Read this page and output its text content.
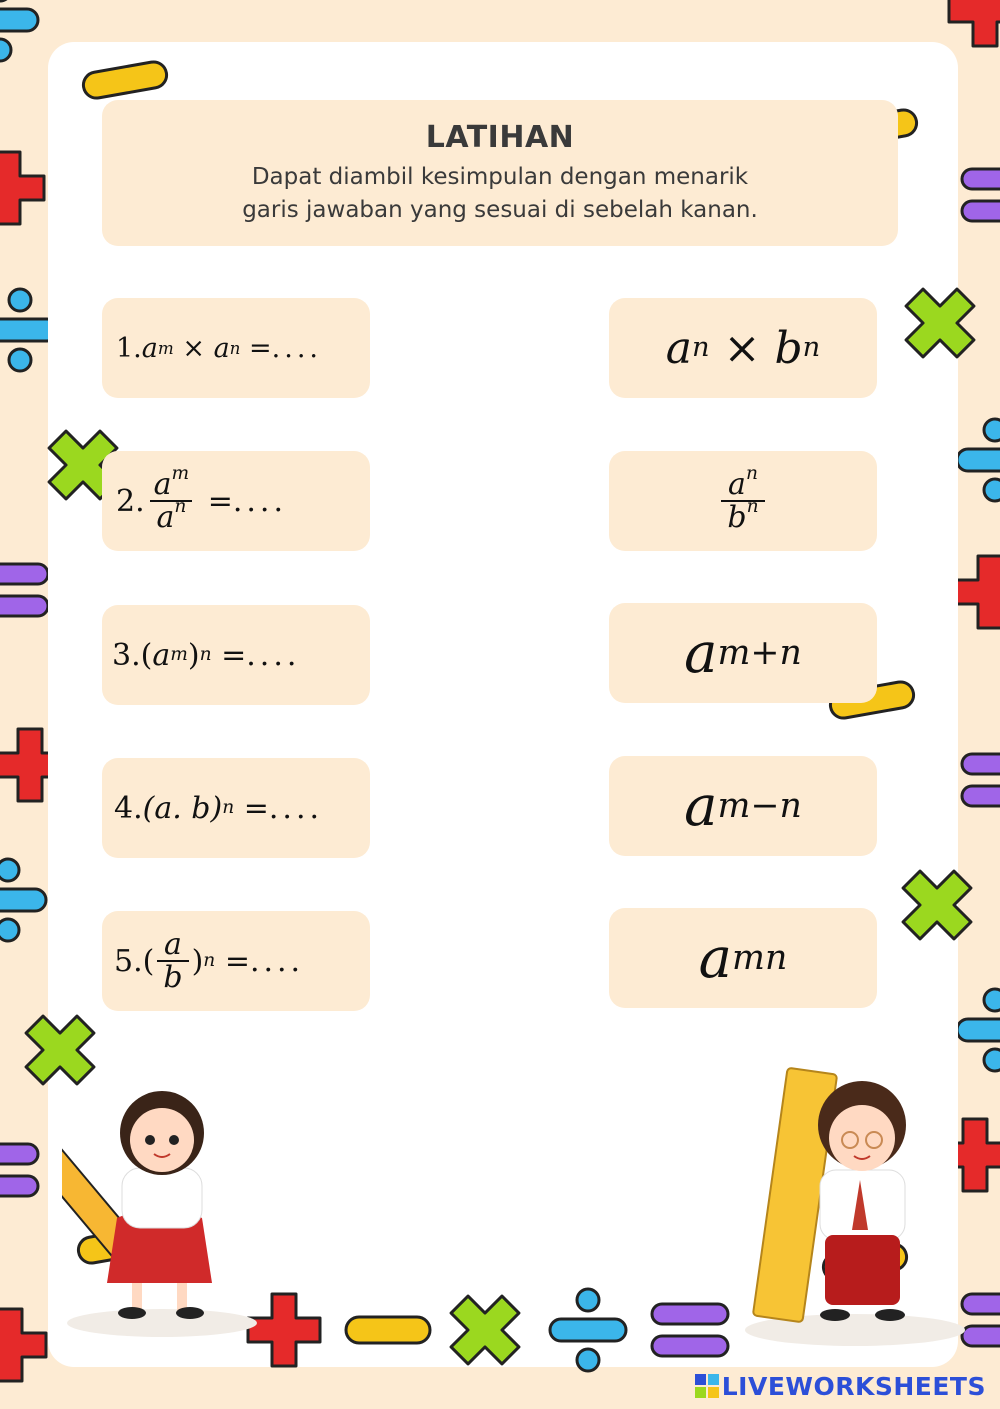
LATIHAN

Dapat diambil kesimpulan dengan menarik

garis jawaban yang sesuai di sebelah kanan.

1. a m
×
a n
= ....
2. $\frac{a^m}{a^n}$
= ....
3. ( a m ) n
= ....
4. (a. b) n
= ....
5. ( $\frac{a}{b}$ ) n
= ....
a n
×
b n
$\frac{a^n}{b^n}$
a m+n
a m−n
a mn
LIVEWORKSHEETS
